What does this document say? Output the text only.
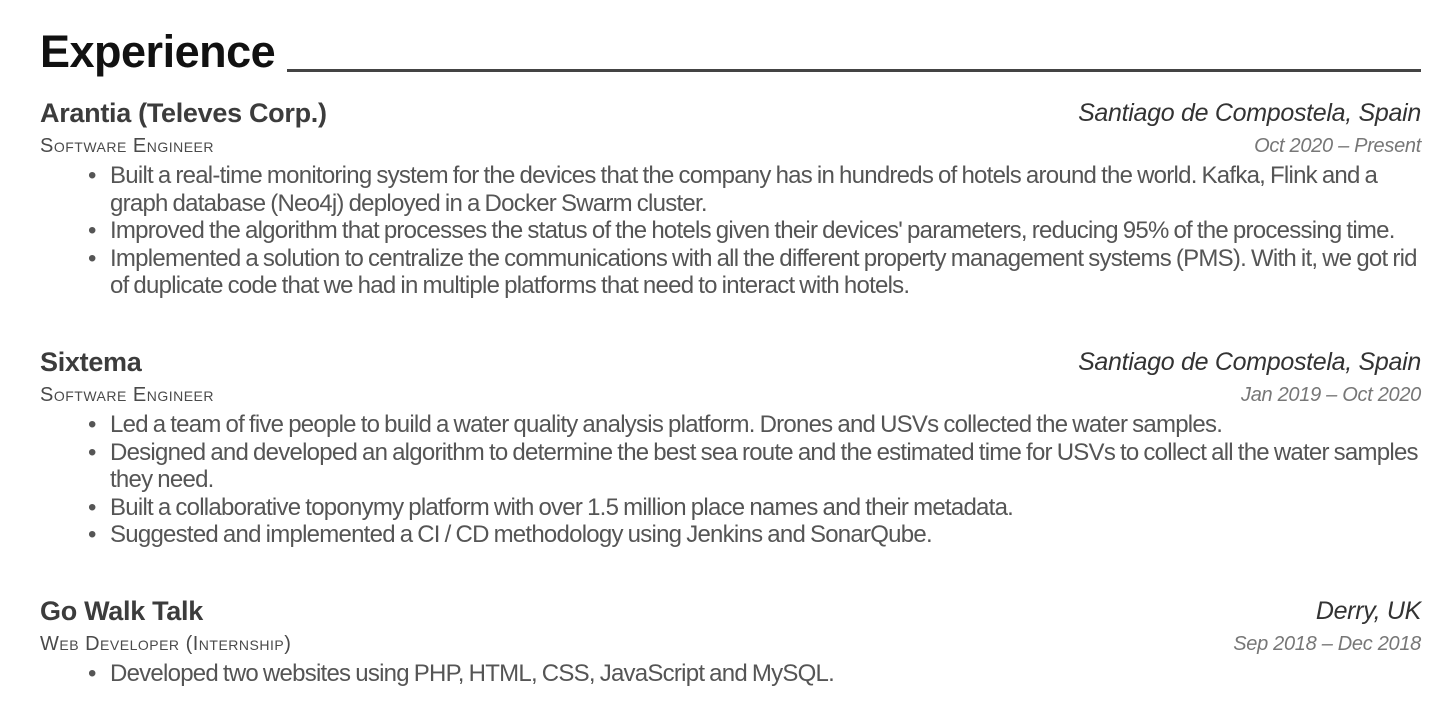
Experience
Arantia (Televes Corp.)	Santiago de Compostela, Spain
Software Engineer	Oct 2020 – Present
• Built a real-time monitoring system for the devices that the company has in hundreds of hotels around the world. Kafka, Flink and a graph database (Neo4j) deployed in a Docker Swarm cluster.
• Improved the algorithm that processes the status of the hotels given their devices' parameters, reducing 95% of the processing time.
• Implemented a solution to centralize the communications with all the different property management systems (PMS). With it, we got rid of duplicate code that we had in multiple platforms that need to interact with hotels.
Sixtema	Santiago de Compostela, Spain
Software Engineer	Jan 2019 – Oct 2020
• Led a team of five people to build a water quality analysis platform. Drones and USVs collected the water samples.
• Designed and developed an algorithm to determine the best sea route and the estimated time for USVs to collect all the water samples they need.
• Built a collaborative toponymy platform with over 1.5 million place names and their metadata.
• Suggested and implemented a CI / CD methodology using Jenkins and SonarQube.
Go Walk Talk	Derry, UK
Web Developer (Internship)	Sep 2018 – Dec 2018
• Developed two websites using PHP, HTML, CSS, JavaScript and MySQL.
